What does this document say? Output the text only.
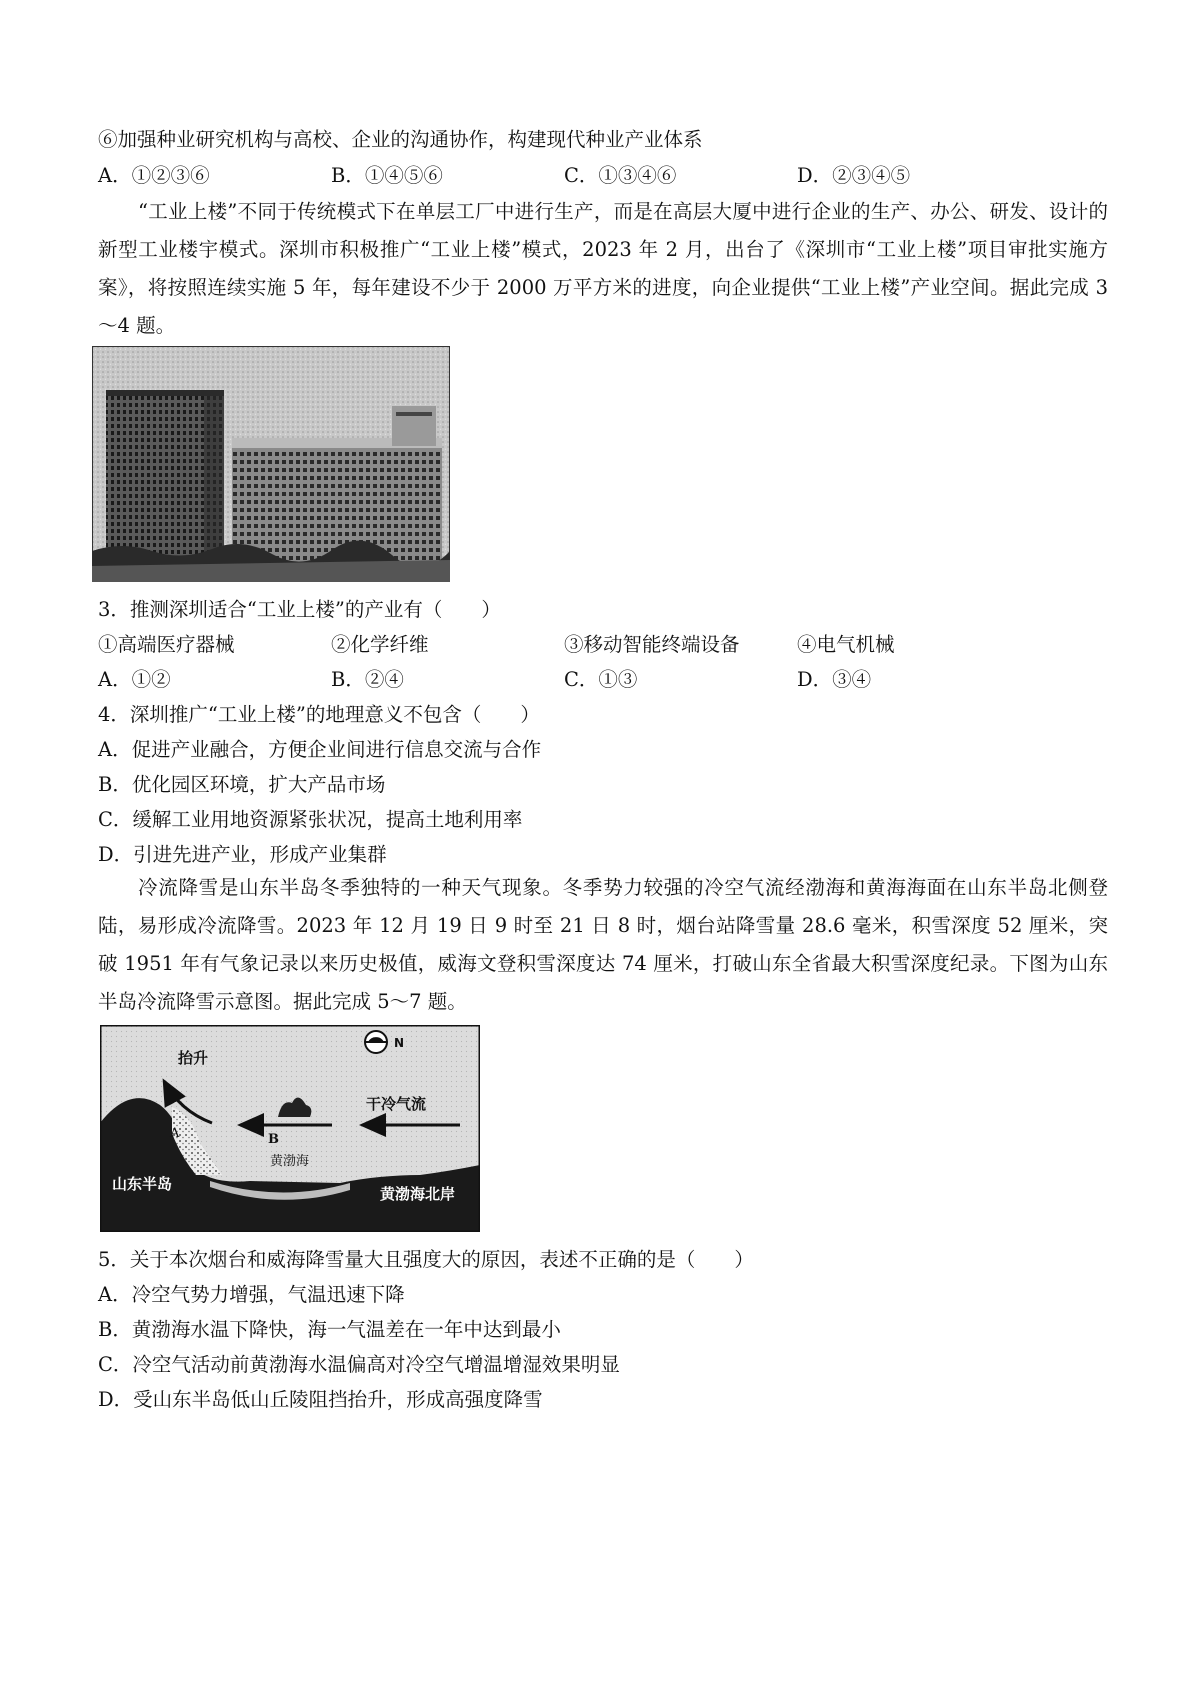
⑥加强种业研究机构与高校、企业的沟通协作，构建现代种业产业体系
A．①②③⑥	B．①④⑤⑥	C．①③④⑥	D．②③④⑤

“工业上楼”不同于传统模式下在单层工厂中进行生产，而是在高层大厦中进行企业的生产、办公、研发、设计的新型工业楼宇模式。深圳市积极推广“工业上楼”模式，2023 年 2 月，出台了《深圳市“工业上楼”项目审批实施方案》，将按照连续实施 5 年，每年建设不少于 2000 万平方米的进度，向企业提供“工业上楼”产业空间。据此完成 3～4 题。

3．推测深圳适合“工业上楼”的产业有（　　）
①高端医疗器械	②化学纤维	③移动智能终端设备	④电气机械
A．①②	B．②④	C．①③	D．③④
4．深圳推广“工业上楼”的地理意义不包含（　　）
A．促进产业融合，方便企业间进行信息交流与合作
B．优化园区环境，扩大产品市场
C．缓解工业用地资源紧张状况，提高土地利用率
D．引进先进产业，形成产业集群

冷流降雪是山东半岛冬季独特的一种天气现象。冬季势力较强的冷空气流经渤海和黄海海面在山东半岛北侧登陆，易形成冷流降雪。2023 年 12 月 19 日 9 时至 21 日 8 时，烟台站降雪量 28.6 毫米，积雪深度 52 厘米，突破 1951 年有气象记录以来历史极值，威海文登积雪深度达 74 厘米，打破山东全省最大积雪深度纪录。下图为山东半岛冷流降雪示意图。据此完成 5～7 题。

N
抬升
干冷气流
A	B
黄渤海
山东半岛
黄渤海北岸
5．关于本次烟台和威海降雪量大且强度大的原因，表述不正确的是（　　）
A．冷空气势力增强，气温迅速下降
B．黄渤海水温下降快，海一气温差在一年中达到最小
C．冷空气活动前黄渤海水温偏高对冷空气增温增湿效果明显
D．受山东半岛低山丘陵阻挡抬升，形成高强度降雪
